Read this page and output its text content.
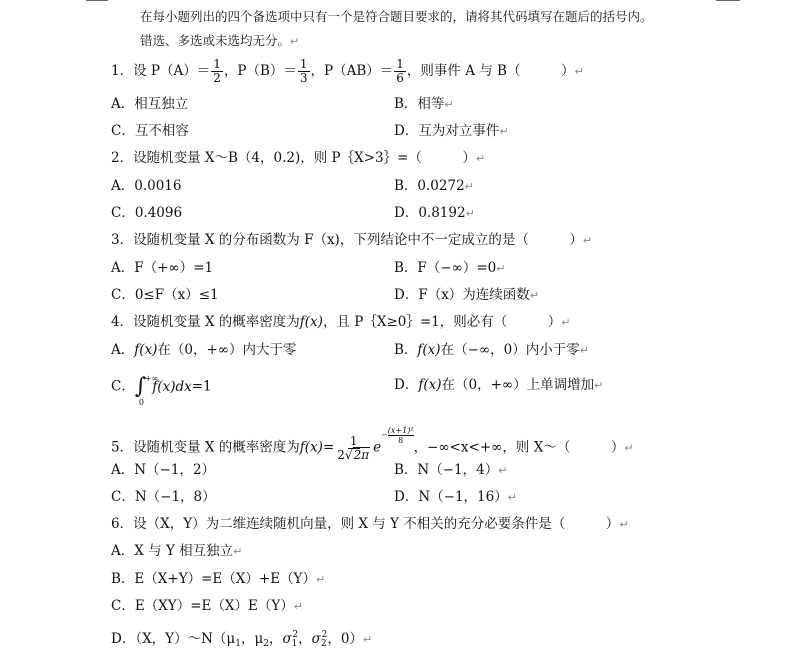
在每小题列出的四个备选项中只有一个是符合题目要求的，请将其代码填写在题后的括号内。
错选、多选或未选均无分。↵
1．设 $P(A)= \frac{1}{2}$ ，$P(B)= \frac{1}{3}$ ，$P(AB)= \frac{1}{6}$ ，则事件 A 与 B（　　　）↵
A．相互独立	B．相等↵
C．互不相容	D．互为对立事件↵
2．设随机变量 X～B（4，0.2)，则 P｛X>3｝=（　　　）↵
A．0.0016	B．0.0272↵
C．0.4096	D．0.8192↵
3．设随机变量 X 的分布函数为 F（x)，下列结论中不一定成立的是（　　　）↵
A．F（+∞）=1	B．F（−∞）=0↵
C．0≤F（x）≤1	D．F（x）为连续函数↵
4．设随机变量 X 的概率密度为f(x)，且 P｛X≥0｝=1，则必有（　　　）↵
A．f(x)在（0，+∞）内大于零	B．f(x)在（−∞，0）内小于零↵
C．∫
+∞
0
f(x)dx=1	D．f(x)在（0，+∞）上单调增加↵
5．设随机变量 X 的概率密度为$f(x)= \frac{1}{2√2\pi} e- \frac{\text{(x+1)²}}{8}$
，−∞<x<+∞，则 X～（　　　）↵
A．N（−1，2）	B．N（−1，4）↵
C．N（−1，8）	D．N（−1，16）↵
6．设（X，Y）为二维连续随机向量，则 X 与 Y 不相关的充分必要条件是（　　　）↵
A．X 与 Y 相互独立↵
B．E（X+Y）=E（X）+E（Y）↵
C．E（XY）=E（X）E（Y）↵
D．（X，$Y)\sim N(\mu_1$，$\mu_2$，$\sigma_1^2$，$\sigma_2^2$，0）↵
